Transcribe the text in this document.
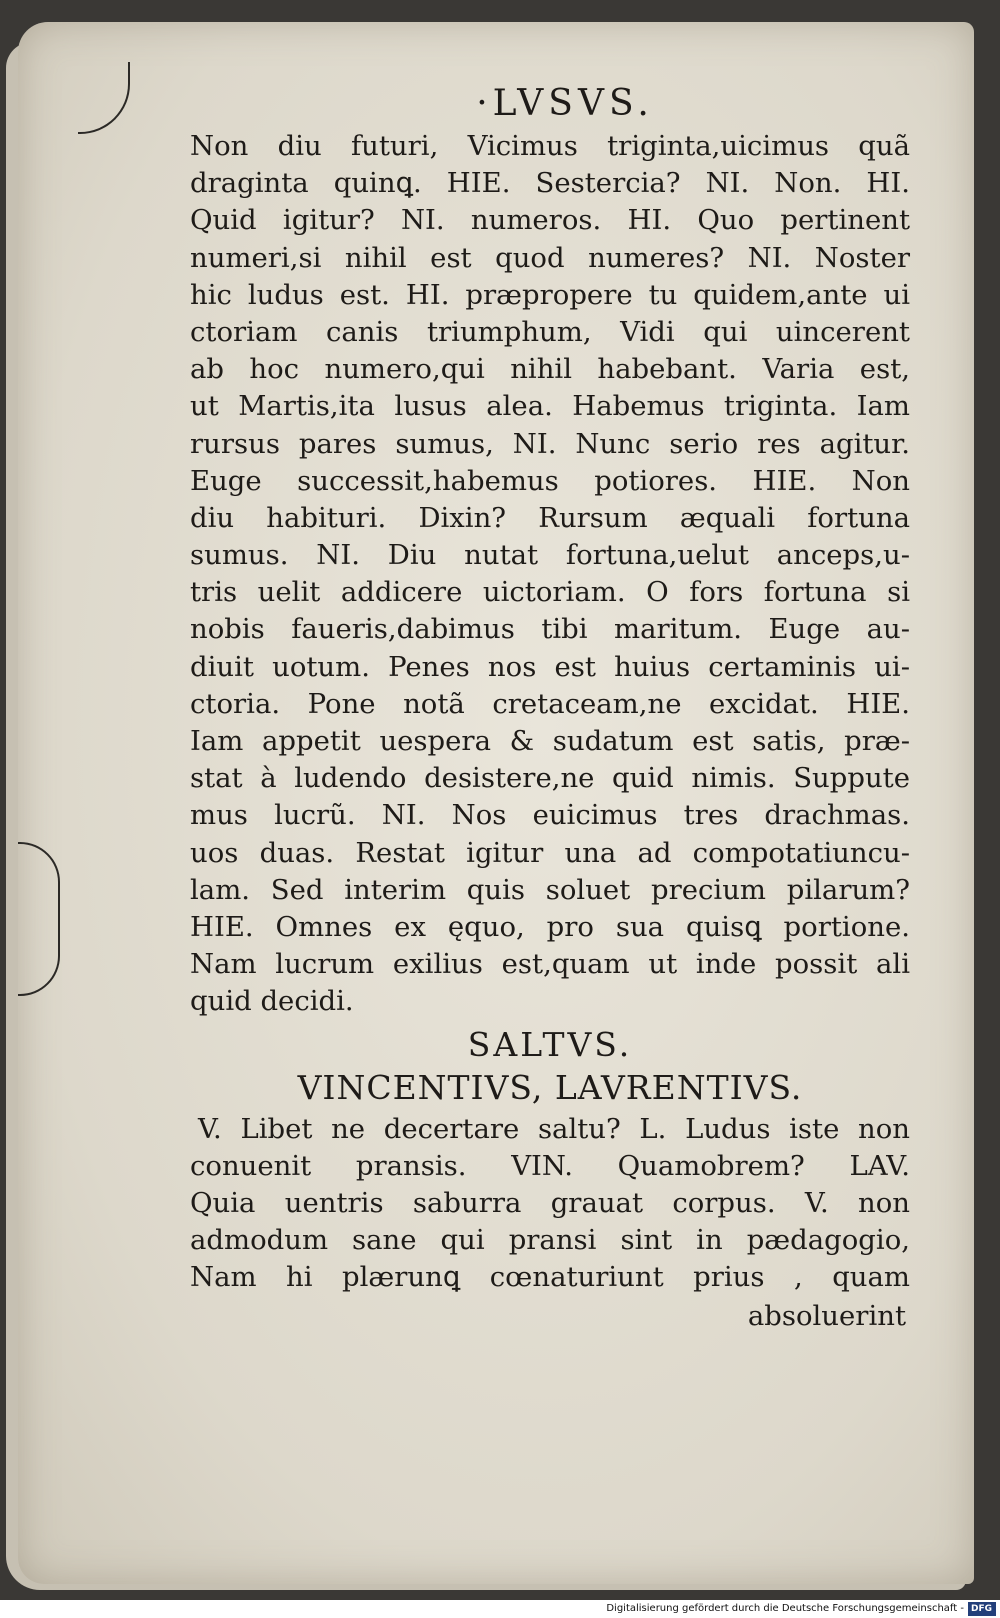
·LVSVS.
Non diu futuri, Vicimus triginta,uicimus quã
draginta quinꝗ. HIE. Sestercia? NI. Non. HI.
Quid igitur? NI. numeros. HI. Quo pertinent
numeri,si nihil est quod numeres? NI. Noster
hic ludus est. HI. præpropere tu quidem,ante ui
ctoriam canis triumphum, Vidi qui uincerent
ab hoc numero,qui nihil habebant. Varia est,
ut Martis,ita lusus alea. Habemus triginta. Iam
rursus pares sumus, NI. Nunc serio res agitur.
Euge successit,habemus potiores. HIE. Non
diu habituri. Dixin? Rursum æquali fortuna
sumus. NI. Diu nutat fortuna,uelut anceps,u-
tris uelit addicere uictoriam. O fors fortuna si
nobis faueris,dabimus tibi maritum. Euge au-
diuit uotum. Penes nos est huius certaminis ui-
ctoria. Pone notã cretaceam,ne excidat. HIE.
Iam appetit uespera & sudatum est satis, præ-
stat à ludendo desistere,ne quid nimis. Suppute
mus lucrũ. NI. Nos euicimus tres drachmas.
uos duas. Restat igitur una ad compotatiuncu-
lam. Sed interim quis soluet precium pilarum?
HIE. Omnes ex ęquo, pro sua quisꝗ portione.
Nam lucrum exilius est,quam ut inde possit ali
quid decidi.
SALTVS.
VINCENTIVS, LAVRENTIVS.
V. Libet ne decertare saltu? L. Ludus iste non
conuenit pransis. VIN. Quamobrem? LAV.
Quia uentris saburra grauat corpus. V. non
admodum sane qui pransi sint in pædagogio,
Nam hi plærunꝗ cœnaturiunt prius , quam
absoluerint
Digitalisierung gefördert durch die Deutsche Forschungsgemeinschaft - DFG
